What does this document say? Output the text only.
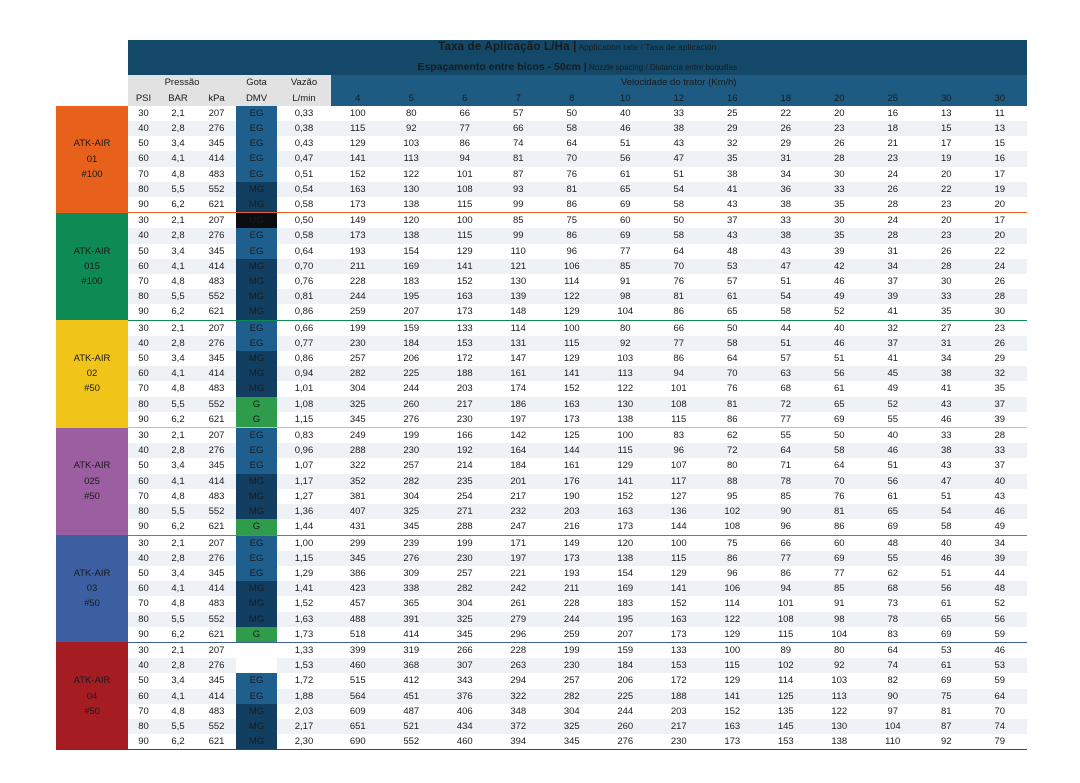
	Taxa de Aplicação L/Ha | Application rate / Tasa de aplicación
Espaçamento entre bicos - 50cm | Nozzle spacing / Distancia entre boquillas																	

	Pressão			Gota	Vazão	Velocidade do trator (Km/h)												
	PSI	BAR	kPa	DMV	L/min	4	5	6	7	8	10	12	16	18	20	25	30	30

ATK-AIR
01
#100	30	2,1	207	EG	0,33	100	80	66	57	50	40	33	25	22	20	16	13	11
	40	2,8	276	EG	0,38	115	92	77	66	58	46	38	29	26	23	18	15	13
	50	3,4	345	EG	0,43	129	103	86	74	64	51	43	32	29	26	21	17	15
	60	4,1	414	EG	0,47	141	113	94	81	70	56	47	35	31	28	23	19	16
	70	4,8	483	EG	0,51	152	122	101	87	76	61	51	38	34	30	24	20	17
	80	5,5	552	MG	0,54	163	130	108	93	81	65	54	41	36	33	26	22	19
	90	6,2	621	MG	0,58	173	138	115	99	86	69	58	43	38	35	28	23	20

ATK-AIR
015
#100	30	2,1	207	UG	0,50	149	120	100	85	75	60	50	37	33	30	24	20	17
	40	2,8	276	EG	0,58	173	138	115	99	86	69	58	43	38	35	28	23	20
	50	3,4	345	EG	0,64	193	154	129	110	96	77	64	48	43	39	31	26	22
	60	4,1	414	MG	0,70	211	169	141	121	106	85	70	53	47	42	34	28	24
	70	4,8	483	MG	0,76	228	183	152	130	114	91	76	57	51	46	37	30	26
	80	5,5	552	MG	0,81	244	195	163	139	122	98	81	61	54	49	39	33	28
	90	6,2	621	MG	0,86	259	207	173	148	129	104	86	65	58	52	41	35	30

ATK-AIR
02
#50	30	2,1	207	EG	0,66	199	159	133	114	100	80	66	50	44	40	32	27	23
	40	2,8	276	EG	0,77	230	184	153	131	115	92	77	58	51	46	37	31	26
	50	3,4	345	MG	0,86	257	206	172	147	129	103	86	64	57	51	41	34	29
	60	4,1	414	MG	0,94	282	225	188	161	141	113	94	70	63	56	45	38	32
	70	4,8	483	MG	1,01	304	244	203	174	152	122	101	76	68	61	49	41	35
	80	5,5	552	G	1,08	325	260	217	186	163	130	108	81	72	65	52	43	37
	90	6,2	621	G	1,15	345	276	230	197	173	138	115	86	77	69	55	46	39

ATK-AIR
025
#50	30	2,1	207	EG	0,83	249	199	166	142	125	100	83	62	55	50	40	33	28
	40	2,8	276	EG	0,96	288	230	192	164	144	115	96	72	64	58	46	38	33
	50	3,4	345	EG	1,07	322	257	214	184	161	129	107	80	71	64	51	43	37
	60	4,1	414	MG	1,17	352	282	235	201	176	141	117	88	78	70	56	47	40
	70	4,8	483	MG	1,27	381	304	254	217	190	152	127	95	85	76	61	51	43
	80	5,5	552	MG	1,36	407	325	271	232	203	163	136	102	90	81	65	54	46
	90	6,2	621	G	1,44	431	345	288	247	216	173	144	108	96	86	69	58	49

ATK-AIR
03
#50	30	2,1	207	EG	1,00	299	239	199	171	149	120	100	75	66	60	48	40	34
	40	2,8	276	EG	1,15	345	276	230	197	173	138	115	86	77	69	55	46	39
	50	3,4	345	EG	1,29	386	309	257	221	193	154	129	96	86	77	62	51	44
	60	4,1	414	MG	1,41	423	338	282	242	211	169	141	106	94	85	68	56	48
	70	4,8	483	MG	1,52	457	365	304	261	228	183	152	114	101	91	73	61	52
	80	5,5	552	MG	1,63	488	391	325	279	244	195	163	122	108	98	78	65	56
	90	6,2	621	G	1,73	518	414	345	296	259	207	173	129	115	104	83	69	59

ATK-AIR
04
#50	30	2,1	207		1,33	399	319	266	228	199	159	133	100	89	80	64	53	46
	40	2,8	276		1,53	460	368	307	263	230	184	153	115	102	92	74	61	53
	50	3,4	345	EG	1,72	515	412	343	294	257	206	172	129	114	103	82	69	59
	60	4,1	414	EG	1,88	564	451	376	322	282	225	188	141	125	113	90	75	64
	70	4,8	483	MG	2,03	609	487	406	348	304	244	203	152	135	122	97	81	70
	80	5,5	552	MG	2,17	651	521	434	372	325	260	217	163	145	130	104	87	74
	90	6,2	621	MG	2,30	690	552	460	394	345	276	230	173	153	138	110	92	79
